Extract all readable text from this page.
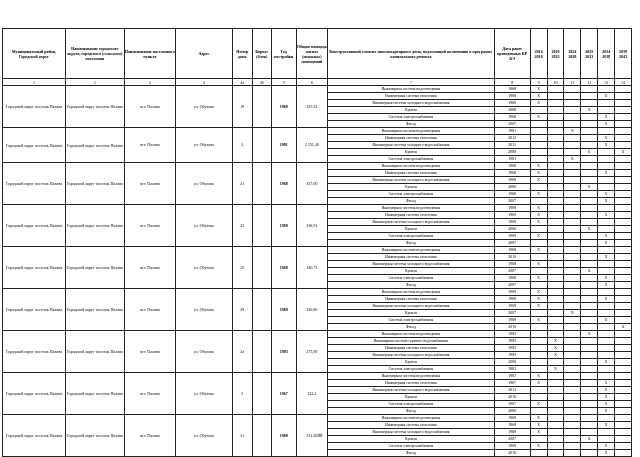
Муниципальный район, Городской округ	Наименование городского округа, городского (сельского) поселения	Наименование населенного пункта	Адрес	Номер дома	Корпус (блок)	Год постройки	Общая площадь жилых (нежилых) помещений	Конструктивный элемент многоквартирного дома, подлежащий включению в программу капитального ремонта	Дата ранее проведенных КР КЭ	2014 2018	2019 2023	2024 2028	2025 2033	2034 2038	2039 2043
1	2	3	4	4a	4б	5	6	7	8	9	10	11	12	13	14
Городской округ поселок Палана	Городской округ поселок Палана	пгт. Палана	ул. Обухова	19		1968	325,52	Инженерная система водоотведения	1968	X					
								Инженерная система отопления	1968	X				X	
								Инженерная система холодного водоснабжения	1968	X					
								Кровля	2008				X		
								Система электроснабжения	1968	X				X	
								Фасад	2007					X	
Городской округ поселок Палана	Городской округ поселок Палана	пгт. Палана	ул. Обухова	2		1981	2 151,40	Инженерная система водоотведения	1981			X			
								Инженерная система отопления	2012					X	
								Инженерная система холодного водоснабжения	2012					X	
								Кровля	2008				X		X
								Система электроснабжения	1981			X			
Городской округ поселок Палана	Городской округ поселок Палана	пгт. Палана	ул. Обухова	21		1968	337,00	Инженерная система водоотведения	1968	X					
								Инженерная система отопления	1968	X				X	
								Инженерная система холодного водоснабжения	1968	X					
								Кровля	2006				X		
								Система электроснабжения	1968	X				X	
								Фасад	2007					X	
Городской округ поселок Палана	Городской округ поселок Палана	пгт. Палана	ул. Обухова	23		1969	338,53	Инженерная система водоотведения	1969	X					
								Инженерная система отопления	1969	X				X	
								Инженерная система холодного водоснабжения	1969	X					
								Кровля	2006				X		
								Система электроснабжения	1969	X				X	
								Фасад	2007					X	
Городской округ поселок Палана	Городской округ поселок Палана	пгт. Палана	ул. Обухова	25		1968	340,73	Инженерная система водоотведения	1968	X					
								Инженерная система отопления	2010					X	
								Инженерная система холодного водоснабжения	1968	X					
								Кровля	2007				X		
								Система электроснабжения	1968	X				X	
								Фасад	2007					X	
Городской округ поселок Палана	Городской округ поселок Палана	пгт. Палана	ул. Обухова	29		1969	326,60	Инженерная система водоотведения	1969	X					
								Инженерная система отопления	1969	X				X	
								Инженерная система холодного водоснабжения	1969	X					
								Кровля	2007			X			
								Система электроснабжения	1969	X				X	
								Фасад	2010						X
Городской округ поселок Палана	Городской округ поселок Палана	пгт. Палана	ул. Обухова	2а		1983	275,50	Инженерная система водоотведения	1983				X		
								Инженерная система горячего водоснабжения	1983		X				
								Инженерная система отопления	1983		X				
								Инженерная система холодного водоснабжения	1983		X				
								Кровля	2006					X	
								Система электроснабжения	1983		X				
Городской округ поселок Палана	Городской округ поселок Палана	пгт. Палана	ул. Обухова	3		1967	322,2	Инженерная система водоотведения	1967	X					
								Инженерная система отопления	1967	X				X	
								Инженерная система холодного водоснабжения	2012					X	
								Кровля	2010					X	
								Система электроснабжения	1967	X				X	
								Фасад	2006					X	
Городской округ поселок Палана	Городской округ поселок Палана	пгт. Палана	ул. Обухова	31		1969	331,20	Инженерная система водоотведения	1969	X					
								Инженерная система отопления	1969	X				X	
								Инженерная система холодного водоснабжения	1969	X					
								Кровля	2007				X		
								Система электроснабжения	1969	X				X	
								Фасад	2010					X	
88
